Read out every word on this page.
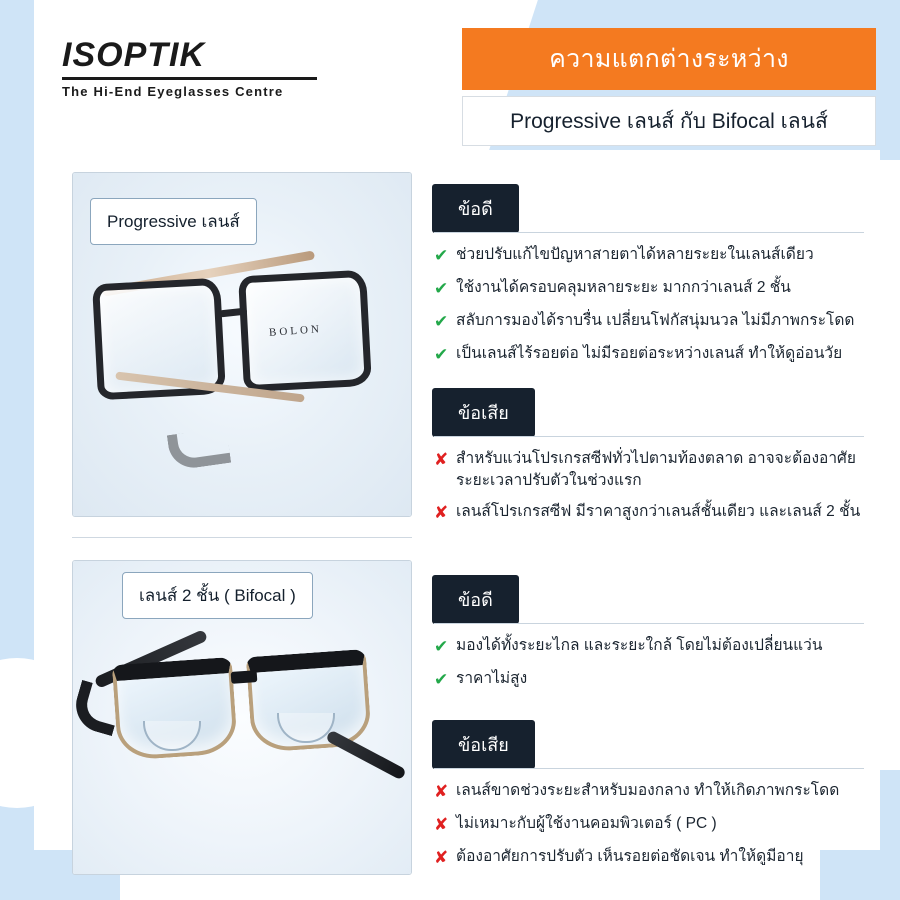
ISOPTIK
The Hi-End Eyeglasses Centre
ความแตกต่างระหว่าง
Progressive เลนส์ กับ Bifocal เลนส์
BOLON
Progressive เลนส์
เลนส์ 2 ชั้น ( Bifocal )
ข้อดี
✔ ช่วยปรับแก้ไขปัญหาสายตาได้หลายระยะในเลนส์เดียว
✔ ใช้งานได้ครอบคลุมหลายระยะ มากกว่าเลนส์ 2 ชั้น
✔ สลับการมองได้ราบรื่น เปลี่ยนโฟกัสนุ่มนวล ไม่มีภาพกระโดด
✔ เป็นเลนส์ไร้รอยต่อ ไม่มีรอยต่อระหว่างเลนส์ ทำให้ดูอ่อนวัย
ข้อเสีย
✘ สำหรับแว่นโปรเกรสซีฟทั่วไปตามท้องตลาด อาจจะต้องอาศัยระยะเวลาปรับตัวในช่วงแรก
✘ เลนส์โปรเกรสซีฟ มีราคาสูงกว่าเลนส์ชั้นเดียว และเลนส์ 2 ชั้น
ข้อดี
✔ มองได้ทั้งระยะไกล และระยะใกล้ โดยไม่ต้องเปลี่ยนแว่น
✔ ราคาไม่สูง
ข้อเสีย
✘ เลนส์ขาดช่วงระยะสำหรับมองกลาง ทำให้เกิดภาพกระโดด
✘ ไม่เหมาะกับผู้ใช้งานคอมพิวเตอร์ ( PC )
✘ ต้องอาศัยการปรับตัว เห็นรอยต่อชัดเจน ทำให้ดูมีอายุ
